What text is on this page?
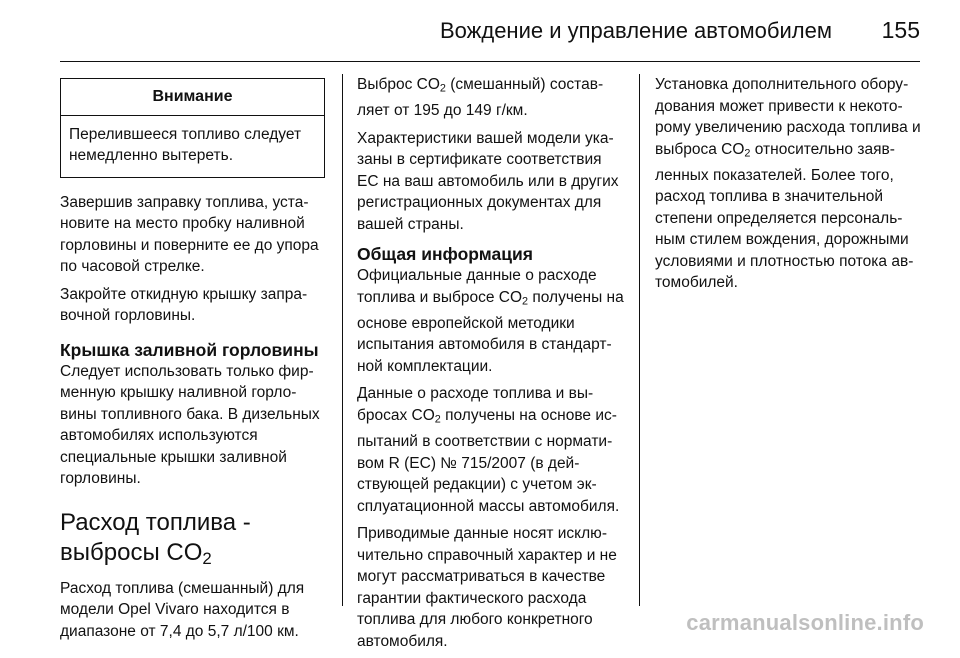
Вождение и управление автомобилем 155
Внимание
Перелившееся топливо следует немедленно вытереть.

Завершив заправку топлива, установите на место пробку наливной горловины и поверните ее до упора по часовой стрелке.

Закройте откидную крышку заправочной горловины.

Крышка заливной горловины

Следует использовать только фирменную крышку наливной горловины топливного бака. В дизельных автомобилях используются специальные крышки заливной горловины.

Расход топлива -
выбросы $CO_2$

Расход топлива (смешанный) для модели Opel Vivaro находится в диапазоне от 7,4 до 5,7 л/100 км.

Выброс $CO_2$ (смешанный) составляет от 195 до 149 г/км.

Характеристики вашей модели указаны в сертификате соответствия ЕС на ваш автомобиль или в других регистрационных документах для вашей страны.

Общая информация

Официальные данные о расходе топлива и выбросе $CO_2$ получены на основе европейской методики испытания автомобиля в стандартной комплектации.

Данные о расходе топлива и выбросах $CO_2$ получены на основе испытаний в соответствии с нормативом R (EC) № 715/2007 (в действующей редакции) с учетом эксплуатационной массы автомобиля.

Приводимые данные носят исключительно справочный характер и не могут рассматриваться в качестве гарантии фактического расхода топлива для любого конкретного автомобиля.

Установка дополнительного оборудования может привести к некоторому увеличению расхода топлива и выброса $CO_2$ относительно заявленных показателей. Более того, расход топлива в значительной степени определяется персональным стилем вождения, дорожными условиями и плотностью потока автомобилей.

carmanualsonline.info
